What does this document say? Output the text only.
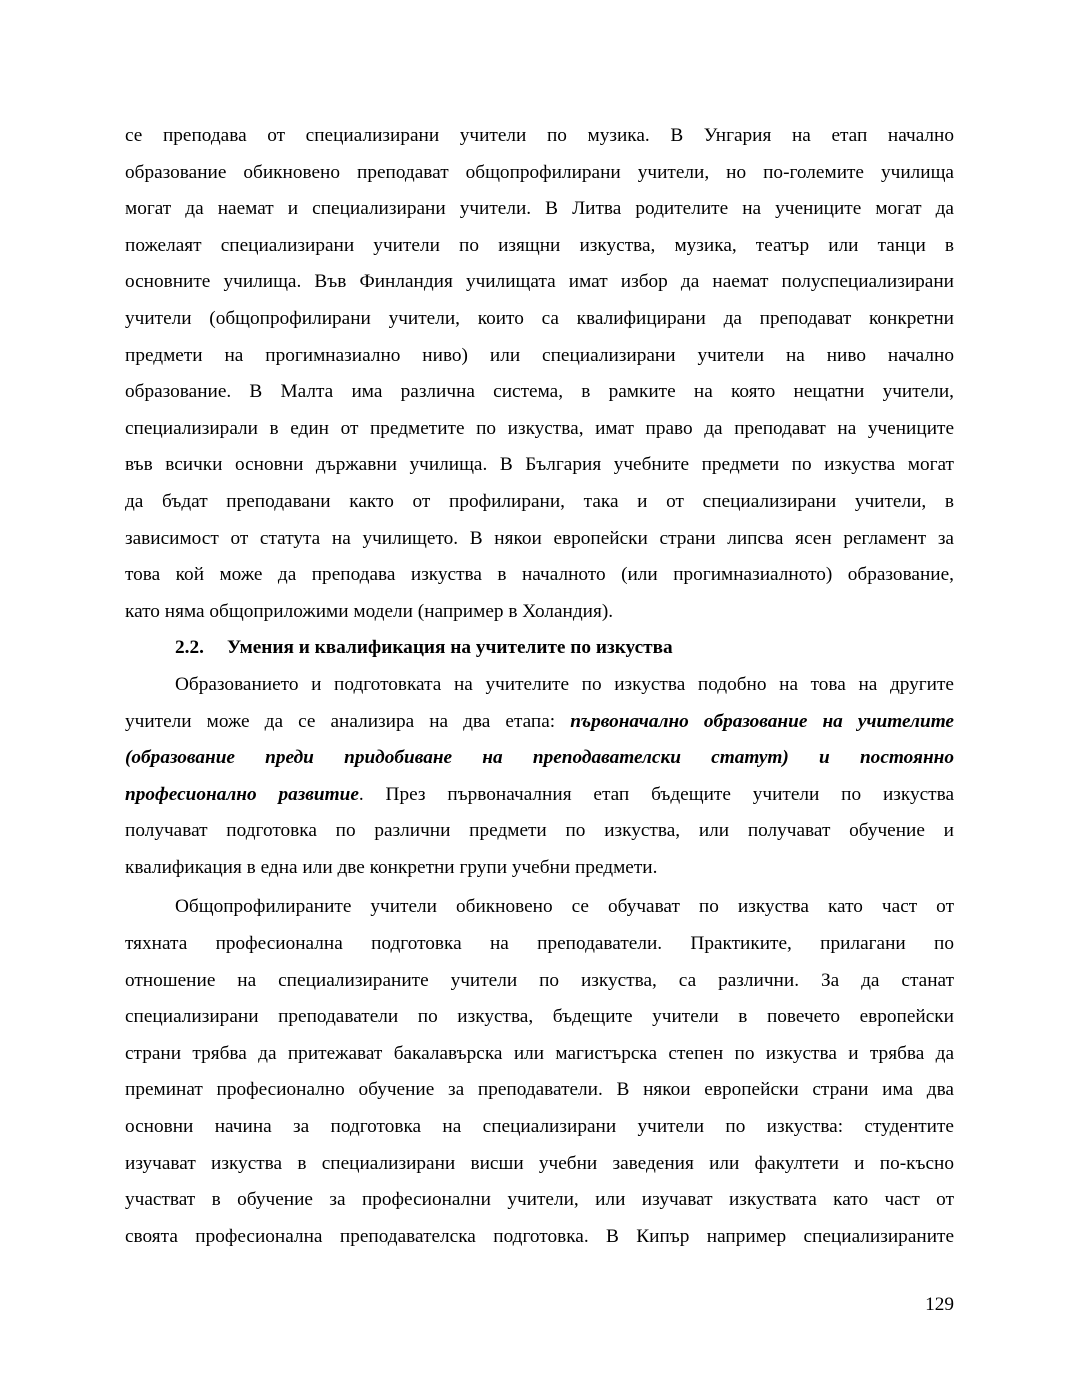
се преподава от специализирани учители по музика. В Унгария на етап начално
образование обикновено преподават общопрофилирани учители, но по-големите училища
могат да наемат и специализирани учители. В Литва родителите на учениците могат да
пожелаят специализирани учители по изящни изкуства, музика, театър или танци в
основните училища. Във Финландия училищата имат избор да наемат полуспециализирани
учители (общопрофилирани учители, които са квалифицирани да преподават конкретни
предмети на прогимназиално ниво) или специализирани учители на ниво начално
образование. В Малта има различна система, в рамките на която нещатни учители,
специализирали в един от предметите по изкуства, имат право да преподават на учениците
във всички основни държавни училища. В България учебните предмети по изкуства могат
да бъдат преподавани както от профилирани, така и от специализирани учители, в
зависимост от статута на училището. В някои европейски страни липсва ясен регламент за
това кой може да преподава изкуства в началното (или прогимназиалното) образование,
като няма общоприложими модели (например в Холандия).
2.2. Умения и квалификация на учителите по изкуства
Образованието и подготовката на учителите по изкуства подобно на това на другите
учители може да се анализира на два етапа: първоначално образование на учителите
(образование преди придобиване на преподавателски статут) и постоянно
професионално развитие. През първоначалния етап бъдещите учители по изкуства
получават подготовка по различни предмети по изкуства, или получават обучение и
квалификация в една или две конкретни групи учебни предмети.
Общопрофилираните учители обикновено се обучават по изкуства като част от
тяхната професионална подготовка на преподаватели. Практиките, прилагани по
отношение на специализираните учители по изкуства, са различни. За да станат
специализирани преподаватели по изкуства, бъдещите учители в повечето европейски
страни трябва да притежават бакалавърска или магистърска степен по изкуства и трябва да
преминат професионално обучение за преподаватели. В някои европейски страни има два
основни начина за подготовка на специализирани учители по изкуства: студентите
изучават изкуства в специализирани висши учебни заведения или факултети и по-късно
участват в обучение за професионални учители, или изучават изкуствата като част от
своята професионална преподавателска подготовка. В Кипър например специализираните
129
